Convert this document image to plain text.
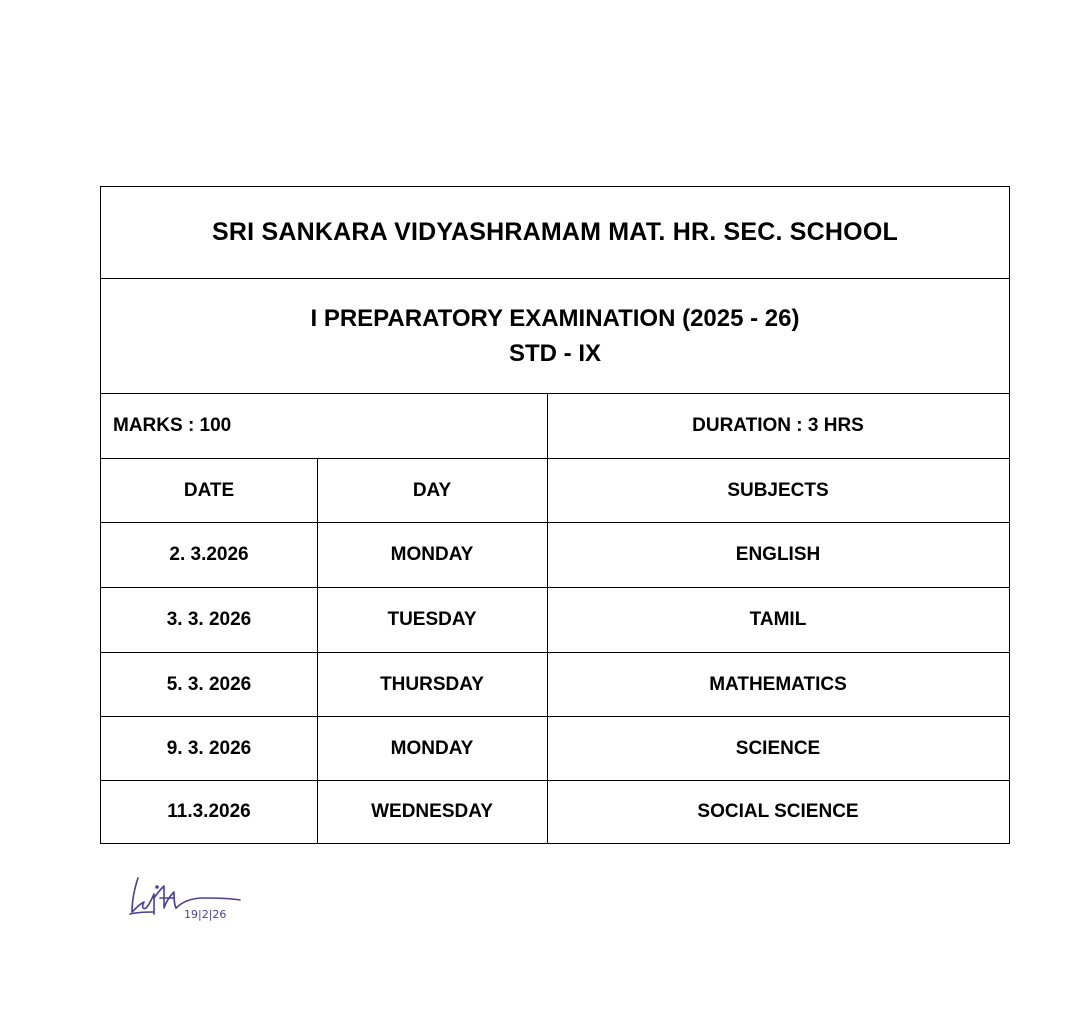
SRI SANKARA VIDYASHRAMAM MAT. HR. SEC. SCHOOL
I PREPARATORY EXAMINATION (2025 - 26)
STD - IX
MARKS : 100	DURATION : 3 HRS
DATE	DAY	SUBJECTS
2. 3.2026	MONDAY	ENGLISH
3. 3. 2026	TUESDAY	TAMIL
5. 3. 2026	THURSDAY	MATHEMATICS
9. 3. 2026	MONDAY	SCIENCE
11.3.2026	WEDNESDAY	SOCIAL SCIENCE
19|2|26
